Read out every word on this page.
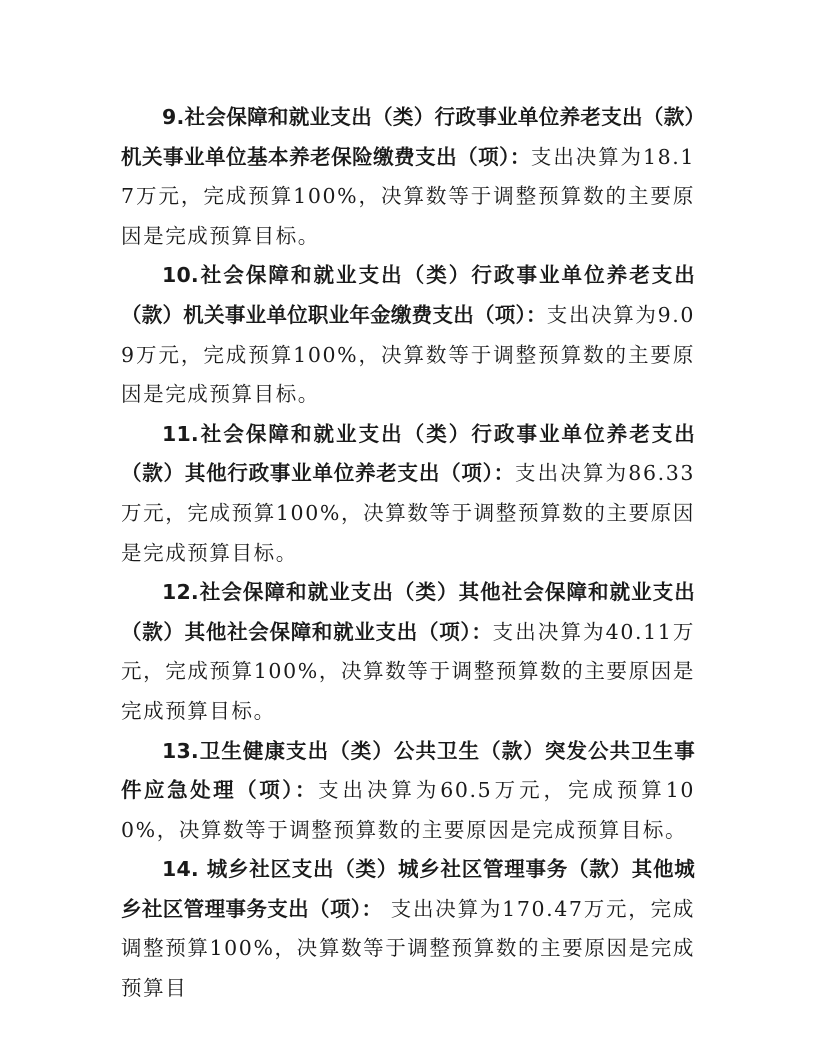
9.社会保障和就业支出（类）行政事业单位养老支出（款）机关事业单位基本养老保险缴费支出（项）：支出决算为18.17万元，完成预算100%，决算数等于调整预算数的主要原因是完成预算目标。

10.社会保障和就业支出（类）行政事业单位养老支出（款）机关事业单位职业年金缴费支出（项）：支出决算为9.09万元，完成预算100%，决算数等于调整预算数的主要原因是完成预算目标。

11.社会保障和就业支出（类）行政事业单位养老支出（款）其他行政事业单位养老支出（项）：支出决算为86.33万元，完成预算100%，决算数等于调整预算数的主要原因是完成预算目标。

12.社会保障和就业支出（类）其他社会保障和就业支出（款）其他社会保障和就业支出（项）：支出决算为40.11万元，完成预算100%，决算数等于调整预算数的主要原因是完成预算目标。

13.卫生健康支出（类）公共卫生（款）突发公共卫生事件应急处理（项）：支出决算为60.5万元，完成预算100%，决算数等于调整预算数的主要原因是完成预算目标。

14. 城乡社区支出（类）城乡社区管理事务（款）其他城乡社区管理事务支出（项）： 支出决算为170.47万元，完成调整预算100%，决算数等于调整预算数的主要原因是完成预算目
